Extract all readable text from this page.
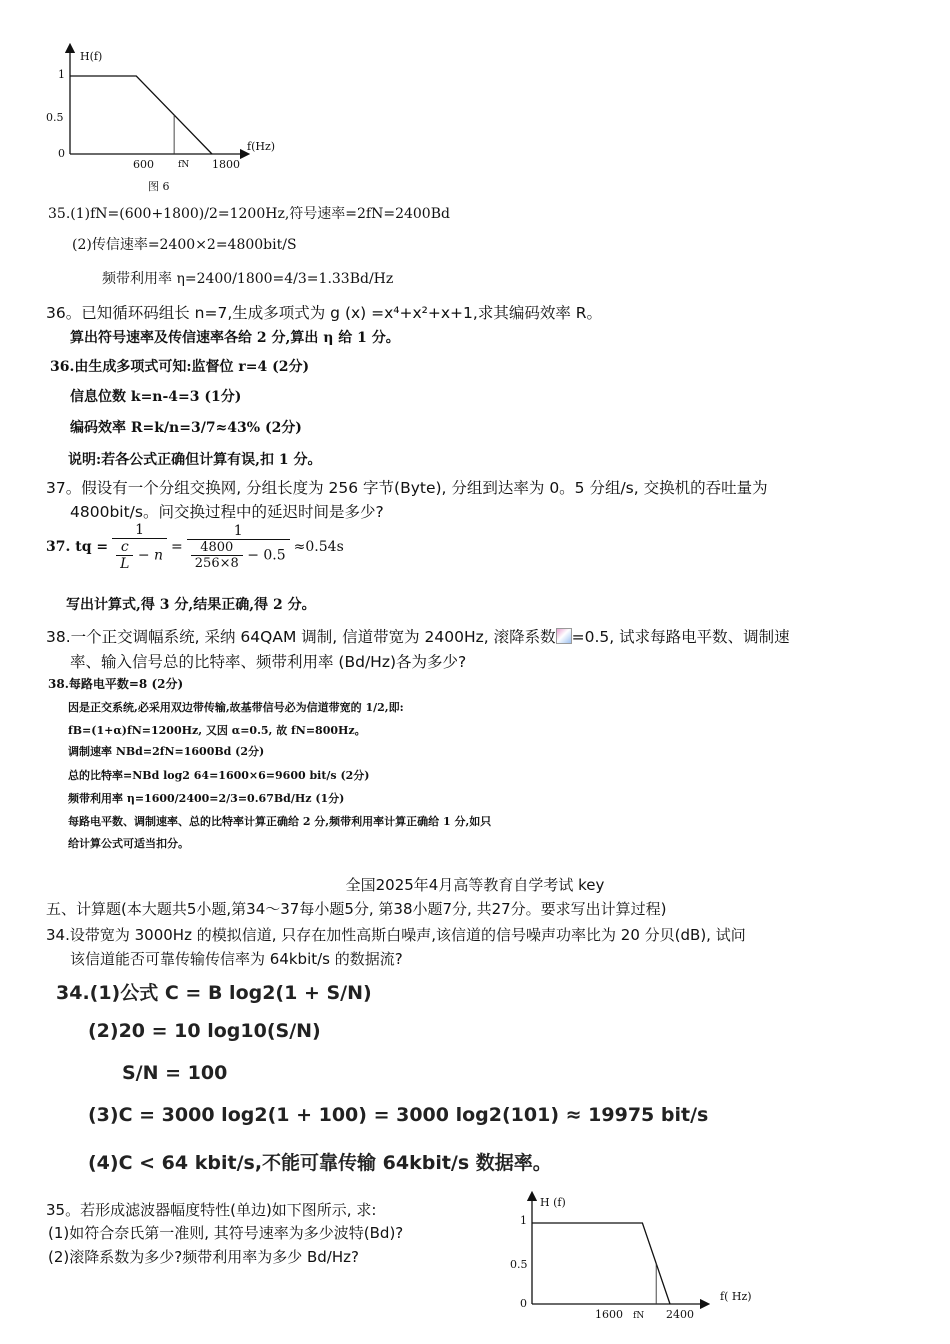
H(f)
f(Hz)
1
0.5
0
600	fN 1800
图 6
35.(1)fN=(600+1800)/2=1200Hz,符号速率=2fN=2400Bd
(2)传信速率=2400×2=4800bit/S
频带利用率 η=2400/1800=4/3=1.33Bd/Hz
36。已知循环码组长 n=7,生成多项式为 g (x) =x⁴+x²+x+1,求其编码效率 R。
算出符号速率及传信速率各给 2 分,算出 η 给 1 分。
36.由生成多项式可知:监督位 r=4 (2分)
信息位数 k=n-4=3 (1分)
编码效率 R=k/n=3/7≈43% (2分)
说明:若各公式正确但计算有误,扣 1 分。
37。假设有一个分组交换网, 分组长度为 256 字节(Byte), 分组到达率为 0。5 分组/s, 交换机的吞吐量为
4800bit/s。问交换过程中的延迟时间是多少?
37. tq = $\frac{1}{\frac{c}{L} - n} = \frac{1}{\frac{4800}{256\times 8} - 0.5} \approx 0.54s$
写出计算式,得 3 分,结果正确,得 2 分。
38.一个正交调幅系统, 采纳 64QAM 调制, 信道带宽为 2400Hz, 滚降系数 =0.5, 试求每路电平数、调制速
率、输入信号总的比特率、频带利用率 (Bd/Hz)各为多少?
38.每路电平数=8 (2分)
因是正交系统,必采用双边带传输,故基带信号必为信道带宽的 1/2,即:
fB=(1+α)fN=1200Hz, 又因 α=0.5, 故 fN=800Hz。
调制速率 NBd=2fN=1600Bd (2分)
总的比特率=NBd log2 64=1600×6=9600 bit/s (2分)
频带利用率 η=1600/2400=2/3=0.67Bd/Hz (1分)
每路电平数、调制速率、总的比特率计算正确给 2 分,频带利用率计算正确给 1 分,如只
给计算公式可适当扣分。
全国2025年4月高等教育自学考试 key
五、计算题(本大题共5小题,第34～37每小题5分, 第38小题7分, 共27分。要求写出计算过程)
34.设带宽为 3000Hz 的模拟信道, 只存在加性高斯白噪声,该信道的信号噪声功率比为 20 分贝(dB), 试问
该信道能否可靠传输传信率为 64kbit/s 的数据流?
34.(1)公式 C = B log2(1 + S/N)
(2)20 = 10 log10(S/N)
S/N = 100
(3)C = 3000 log2(1 + 100) = 3000 log2(101) ≈ 19975 bit/s
(4)C < 64 kbit/s,不能可靠传输 64kbit/s 数据率。
35。若形成滤波器幅度特性(单边)如下图所示, 求:
(1)如符合奈氏第一准则, 其符号速率为多少波特(Bd)?
(2)滚降系数为多少?频带利用率为多少 Bd/Hz?
H (f)
f( Hz)
1
0.5
0
1600 fN 2400
